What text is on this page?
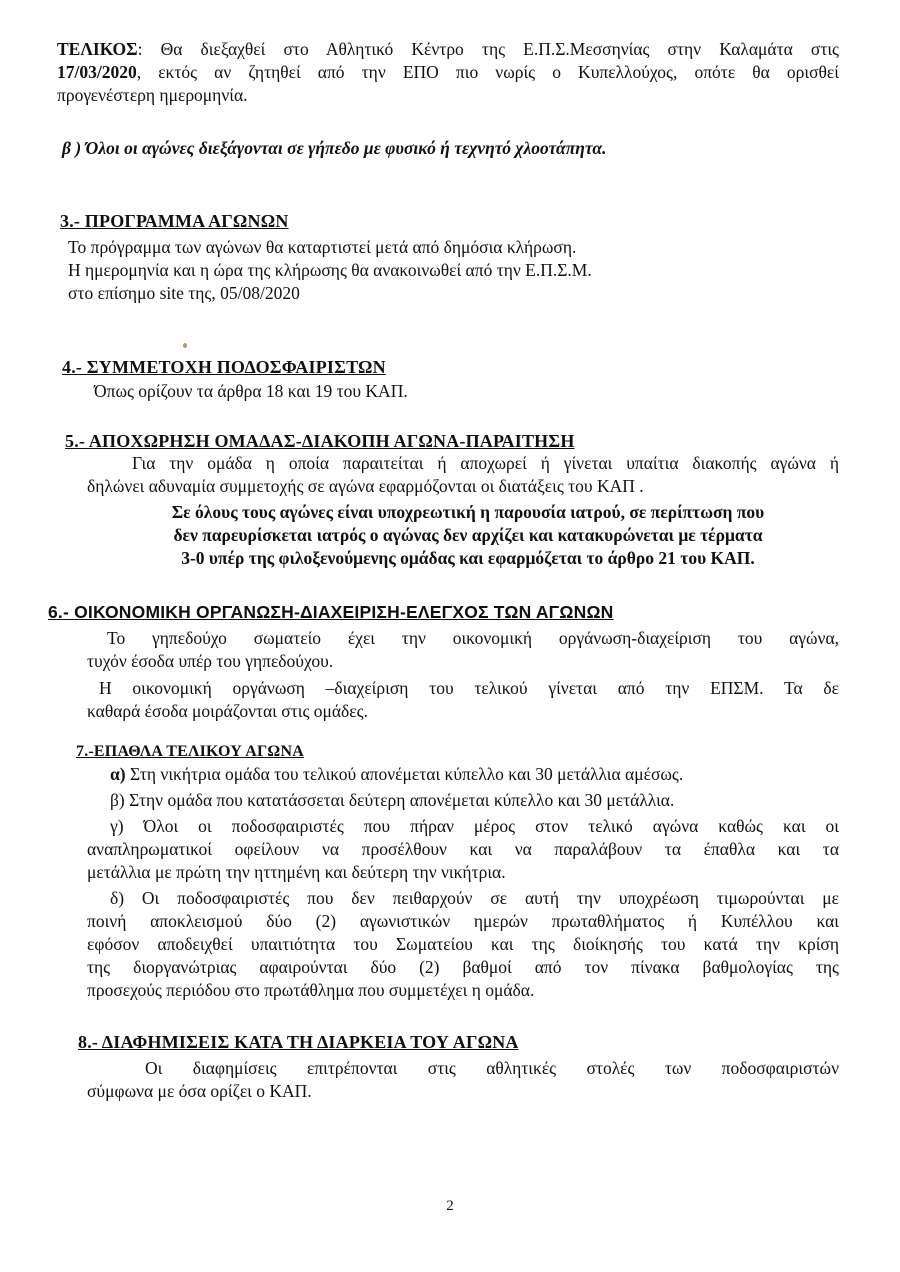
ΤΕΛΙΚΟΣ: Θα διεξαχθεί στο Αθλητικό Κέντρο της Ε.Π.Σ.Μεσσηνίας στην Καλαμάτα στις
17/03/2020, εκτός αν ζητηθεί από την ΕΠΟ πιο νωρίς ο Κυπελλούχος, οπότε θα ορισθεί
προγενέστερη ημερομηνία.
β ) Όλοι οι αγώνες διεξάγονται σε γήπεδο με φυσικό ή τεχνητό χλοοτάπητα.
3.- ΠΡΟΓΡΑΜΜΑ ΑΓΩΝΩΝ
Το πρόγραμμα των αγώνων θα καταρτιστεί μετά από δημόσια κλήρωση.
Η ημερομηνία και η ώρα της κλήρωσης θα ανακοινωθεί από την Ε.Π.Σ.Μ.
στο επίσημο site της, 05/08/2020
4.- ΣΥΜΜΕΤΟΧΗ ΠΟΔΟΣΦΑΙΡΙΣΤΩΝ
Όπως ορίζουν τα άρθρα 18 και 19 του ΚΑΠ.
5.- ΑΠΟΧΩΡΗΣΗ ΟΜΑΔΑΣ-ΔΙΑΚΟΠΗ ΑΓΩΝΑ-ΠΑΡΑΙΤΗΣΗ
Για την ομάδα η οποία παραιτείται ή αποχωρεί ή γίνεται υπαίτια διακοπής αγώνα ή
δηλώνει αδυναμία συμμετοχής σε αγώνα εφαρμόζονται οι διατάξεις του ΚΑΠ .
Σε όλους τους αγώνες είναι υποχρεωτική η παρουσία ιατρού, σε περίπτωση που
δεν παρευρίσκεται ιατρός ο αγώνας δεν αρχίζει και κατακυρώνεται με τέρματα
3-0 υπέρ της φιλοξενούμενης ομάδας και εφαρμόζεται το άρθρο 21 του ΚΑΠ.
6.- ΟΙΚΟΝΟΜΙΚΗ ΟΡΓΑΝΩΣΗ-ΔΙΑΧΕΙΡΙΣΗ-ΕΛΕΓΧΟΣ ΤΩΝ ΑΓΩΝΩΝ
Το γηπεδούχο σωματείο έχει την οικονομική οργάνωση-διαχείριση του αγώνα,
τυχόν έσοδα υπέρ του γηπεδούχου.
Η οικονομική οργάνωση –διαχείριση του τελικού γίνεται από την ΕΠΣΜ. Τα δε
καθαρά έσοδα μοιράζονται στις ομάδες.
7.-ΕΠΑΘΛΑ ΤΕΛΙΚΟΥ ΑΓΩΝΑ
α) Στη νικήτρια ομάδα του τελικού απονέμεται κύπελλο και 30 μετάλλια αμέσως.
β) Στην ομάδα που κατατάσσεται δεύτερη απονέμεται κύπελλο και 30 μετάλλια.
γ) Όλοι οι ποδοσφαιριστές που πήραν μέρος στον τελικό αγώνα καθώς και οι
αναπληρωματικοί οφείλουν να προσέλθουν και να παραλάβουν τα έπαθλα και τα
μετάλλια με πρώτη την ηττημένη και δεύτερη την νικήτρια.
δ) Οι ποδοσφαιριστές που δεν πειθαρχούν σε αυτή την υποχρέωση τιμωρούνται με
ποινή αποκλεισμού δύο (2) αγωνιστικών ημερών πρωταθλήματος ή Κυπέλλου και
εφόσον αποδειχθεί υπαιτιότητα του Σωματείου και της διοίκησής του κατά την κρίση
της διοργανώτριας αφαιρούνται δύο (2) βαθμοί από τον πίνακα βαθμολογίας της
προσεχούς περιόδου στο πρωτάθλημα που συμμετέχει η ομάδα.
8.- ΔΙΑΦΗΜΙΣΕΙΣ ΚΑΤΑ ΤΗ ΔΙΑΡΚΕΙΑ ΤΟΥ ΑΓΩΝΑ
Οι διαφημίσεις επιτρέπονται στις αθλητικές στολές των ποδοσφαιριστών
σύμφωνα με όσα ορίζει ο ΚΑΠ.
2
